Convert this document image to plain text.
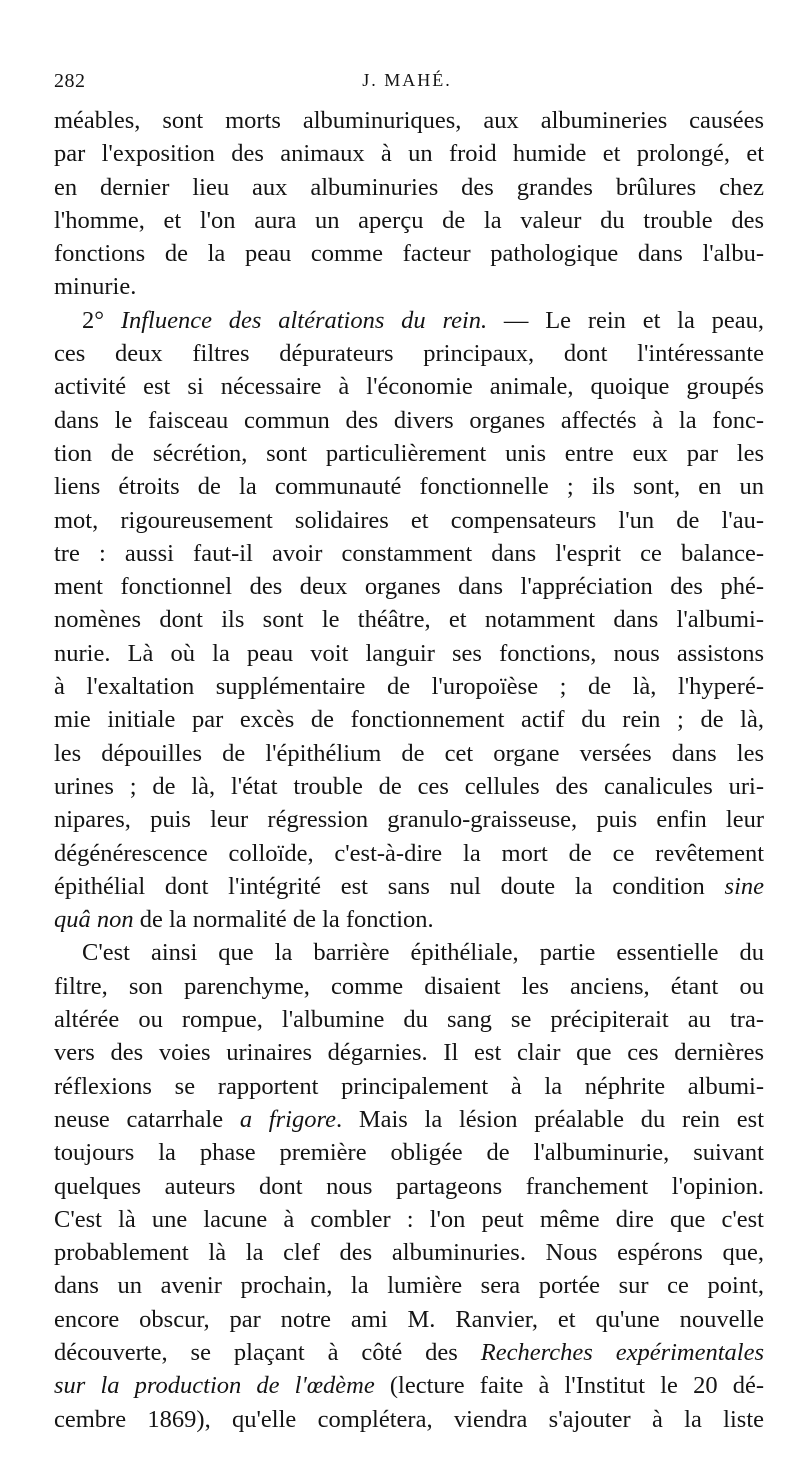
282	J. MAHÉ.
méables, sont morts albuminuriques, aux albumineries causées
par l'exposition des animaux à un froid humide et prolongé, et
en dernier lieu aux albuminuries des grandes brûlures chez
l'homme, et l'on aura un aperçu de la valeur du trouble des
fonctions de la peau comme facteur pathologique dans l'albu-
minurie.
2° Influence des altérations du rein. — Le rein et la peau,
ces deux filtres dépurateurs principaux, dont l'intéressante
activité est si nécessaire à l'économie animale, quoique groupés
dans le faisceau commun des divers organes affectés à la fonc-
tion de sécrétion, sont particulièrement unis entre eux par les
liens étroits de la communauté fonctionnelle ; ils sont, en un
mot, rigoureusement solidaires et compensateurs l'un de l'au-
tre : aussi faut-il avoir constamment dans l'esprit ce balance-
ment fonctionnel des deux organes dans l'appréciation des phé-
nomènes dont ils sont le théâtre, et notamment dans l'albumi-
nurie. Là où la peau voit languir ses fonctions, nous assistons
à l'exaltation supplémentaire de l'uropoïèse ; de là, l'hyperé-
mie initiale par excès de fonctionnement actif du rein ; de là,
les dépouilles de l'épithélium de cet organe versées dans les
urines ; de là, l'état trouble de ces cellules des canalicules uri-
nipares, puis leur régression granulo-graisseuse, puis enfin leur
dégénérescence colloïde, c'est-à-dire la mort de ce revêtement
épithélial dont l'intégrité est sans nul doute la condition sine
quâ non de la normalité de la fonction.
C'est ainsi que la barrière épithéliale, partie essentielle du
filtre, son parenchyme, comme disaient les anciens, étant ou
altérée ou rompue, l'albumine du sang se précipiterait au tra-
vers des voies urinaires dégarnies. Il est clair que ces dernières
réflexions se rapportent principalement à la néphrite albumi-
neuse catarrhale a frigore. Mais la lésion préalable du rein est
toujours la phase première obligée de l'albuminurie, suivant
quelques auteurs dont nous partageons franchement l'opinion.
C'est là une lacune à combler : l'on peut même dire que c'est
probablement là la clef des albuminuries. Nous espérons que,
dans un avenir prochain, la lumière sera portée sur ce point,
encore obscur, par notre ami M. Ranvier, et qu'une nouvelle
découverte, se plaçant à côté des Recherches expérimentales
sur la production de l'œdème (lecture faite à l'Institut le 20 dé-
cembre 1869), qu'elle complétera, viendra s'ajouter à la liste
